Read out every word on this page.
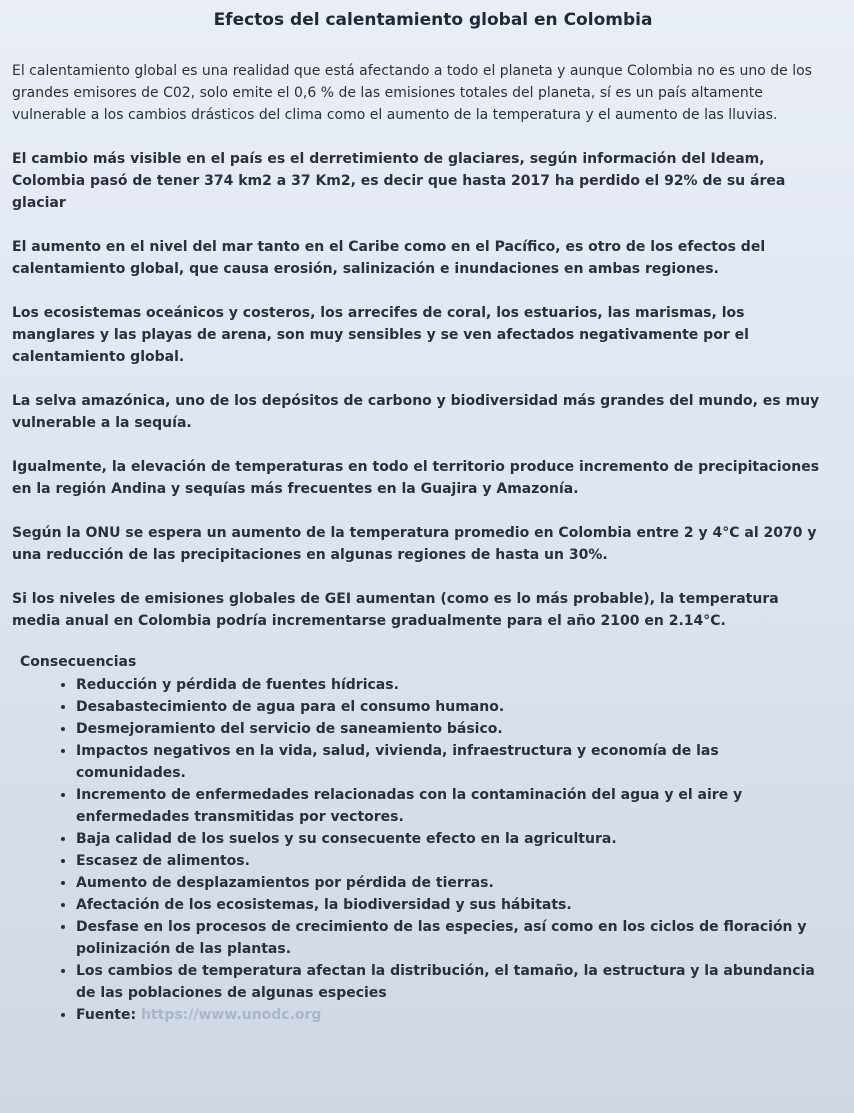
Efectos del calentamiento global en Colombia

El calentamiento global es una realidad que está afectando a todo el planeta y aunque Colombia no es uno de los grandes emisores de C02, solo emite el 0,6 % de las emisiones totales del planeta, sí es un país altamente vulnerable a los cambios drásticos del clima como el aumento de la temperatura y el aumento de las lluvias.

El cambio más visible en el país es el derretimiento de glaciares, según información del Ideam, Colombia pasó de tener 374 km2 a 37 Km2, es decir que hasta 2017 ha perdido el 92% de su área glaciar

El aumento en el nivel del mar tanto en el Caribe como en el Pacífico, es otro de los efectos del calentamiento global, que causa erosión, salinización e inundaciones en ambas regiones.

Los ecosistemas oceánicos y costeros, los arrecifes de coral, los estuarios, las marismas, los manglares y las playas de arena, son muy sensibles y se ven afectados negativamente por el calentamiento global.

La selva amazónica, uno de los depósitos de carbono y biodiversidad más grandes del mundo, es muy vulnerable a la sequía.

Igualmente, la elevación de temperaturas en todo el territorio produce incremento de precipitaciones en la región Andina y sequías más frecuentes en la Guajira y Amazonía.

Según la ONU se espera un aumento de la temperatura promedio en Colombia entre 2 y 4°C al 2070 y una reducción de las precipitaciones en algunas regiones de hasta un 30%.

Si los niveles de emisiones globales de GEI aumentan (como es lo más probable), la temperatura media anual en Colombia podría incrementarse gradualmente para el año 2100 en 2.14°C.

Consecuencias
• Reducción y pérdida de fuentes hídricas.
• Desabastecimiento de agua para el consumo humano.
• Desmejoramiento del servicio de saneamiento básico.
• Impactos negativos en la vida, salud, vivienda, infraestructura y economía de las comunidades.
• Incremento de enfermedades relacionadas con la contaminación del agua y el aire y enfermedades transmitidas por vectores.
• Baja calidad de los suelos y su consecuente efecto en la agricultura.
• Escasez de alimentos.
• Aumento de desplazamientos por pérdida de tierras.
• Afectación de los ecosistemas, la biodiversidad y sus hábitats.
• Desfase en los procesos de crecimiento de las especies, así como en los ciclos de floración y polinización de las plantas.
• Los cambios de temperatura afectan la distribución, el tamaño, la estructura y la abundancia de las poblaciones de algunas especies
• Fuente: https://www.unodc.org
